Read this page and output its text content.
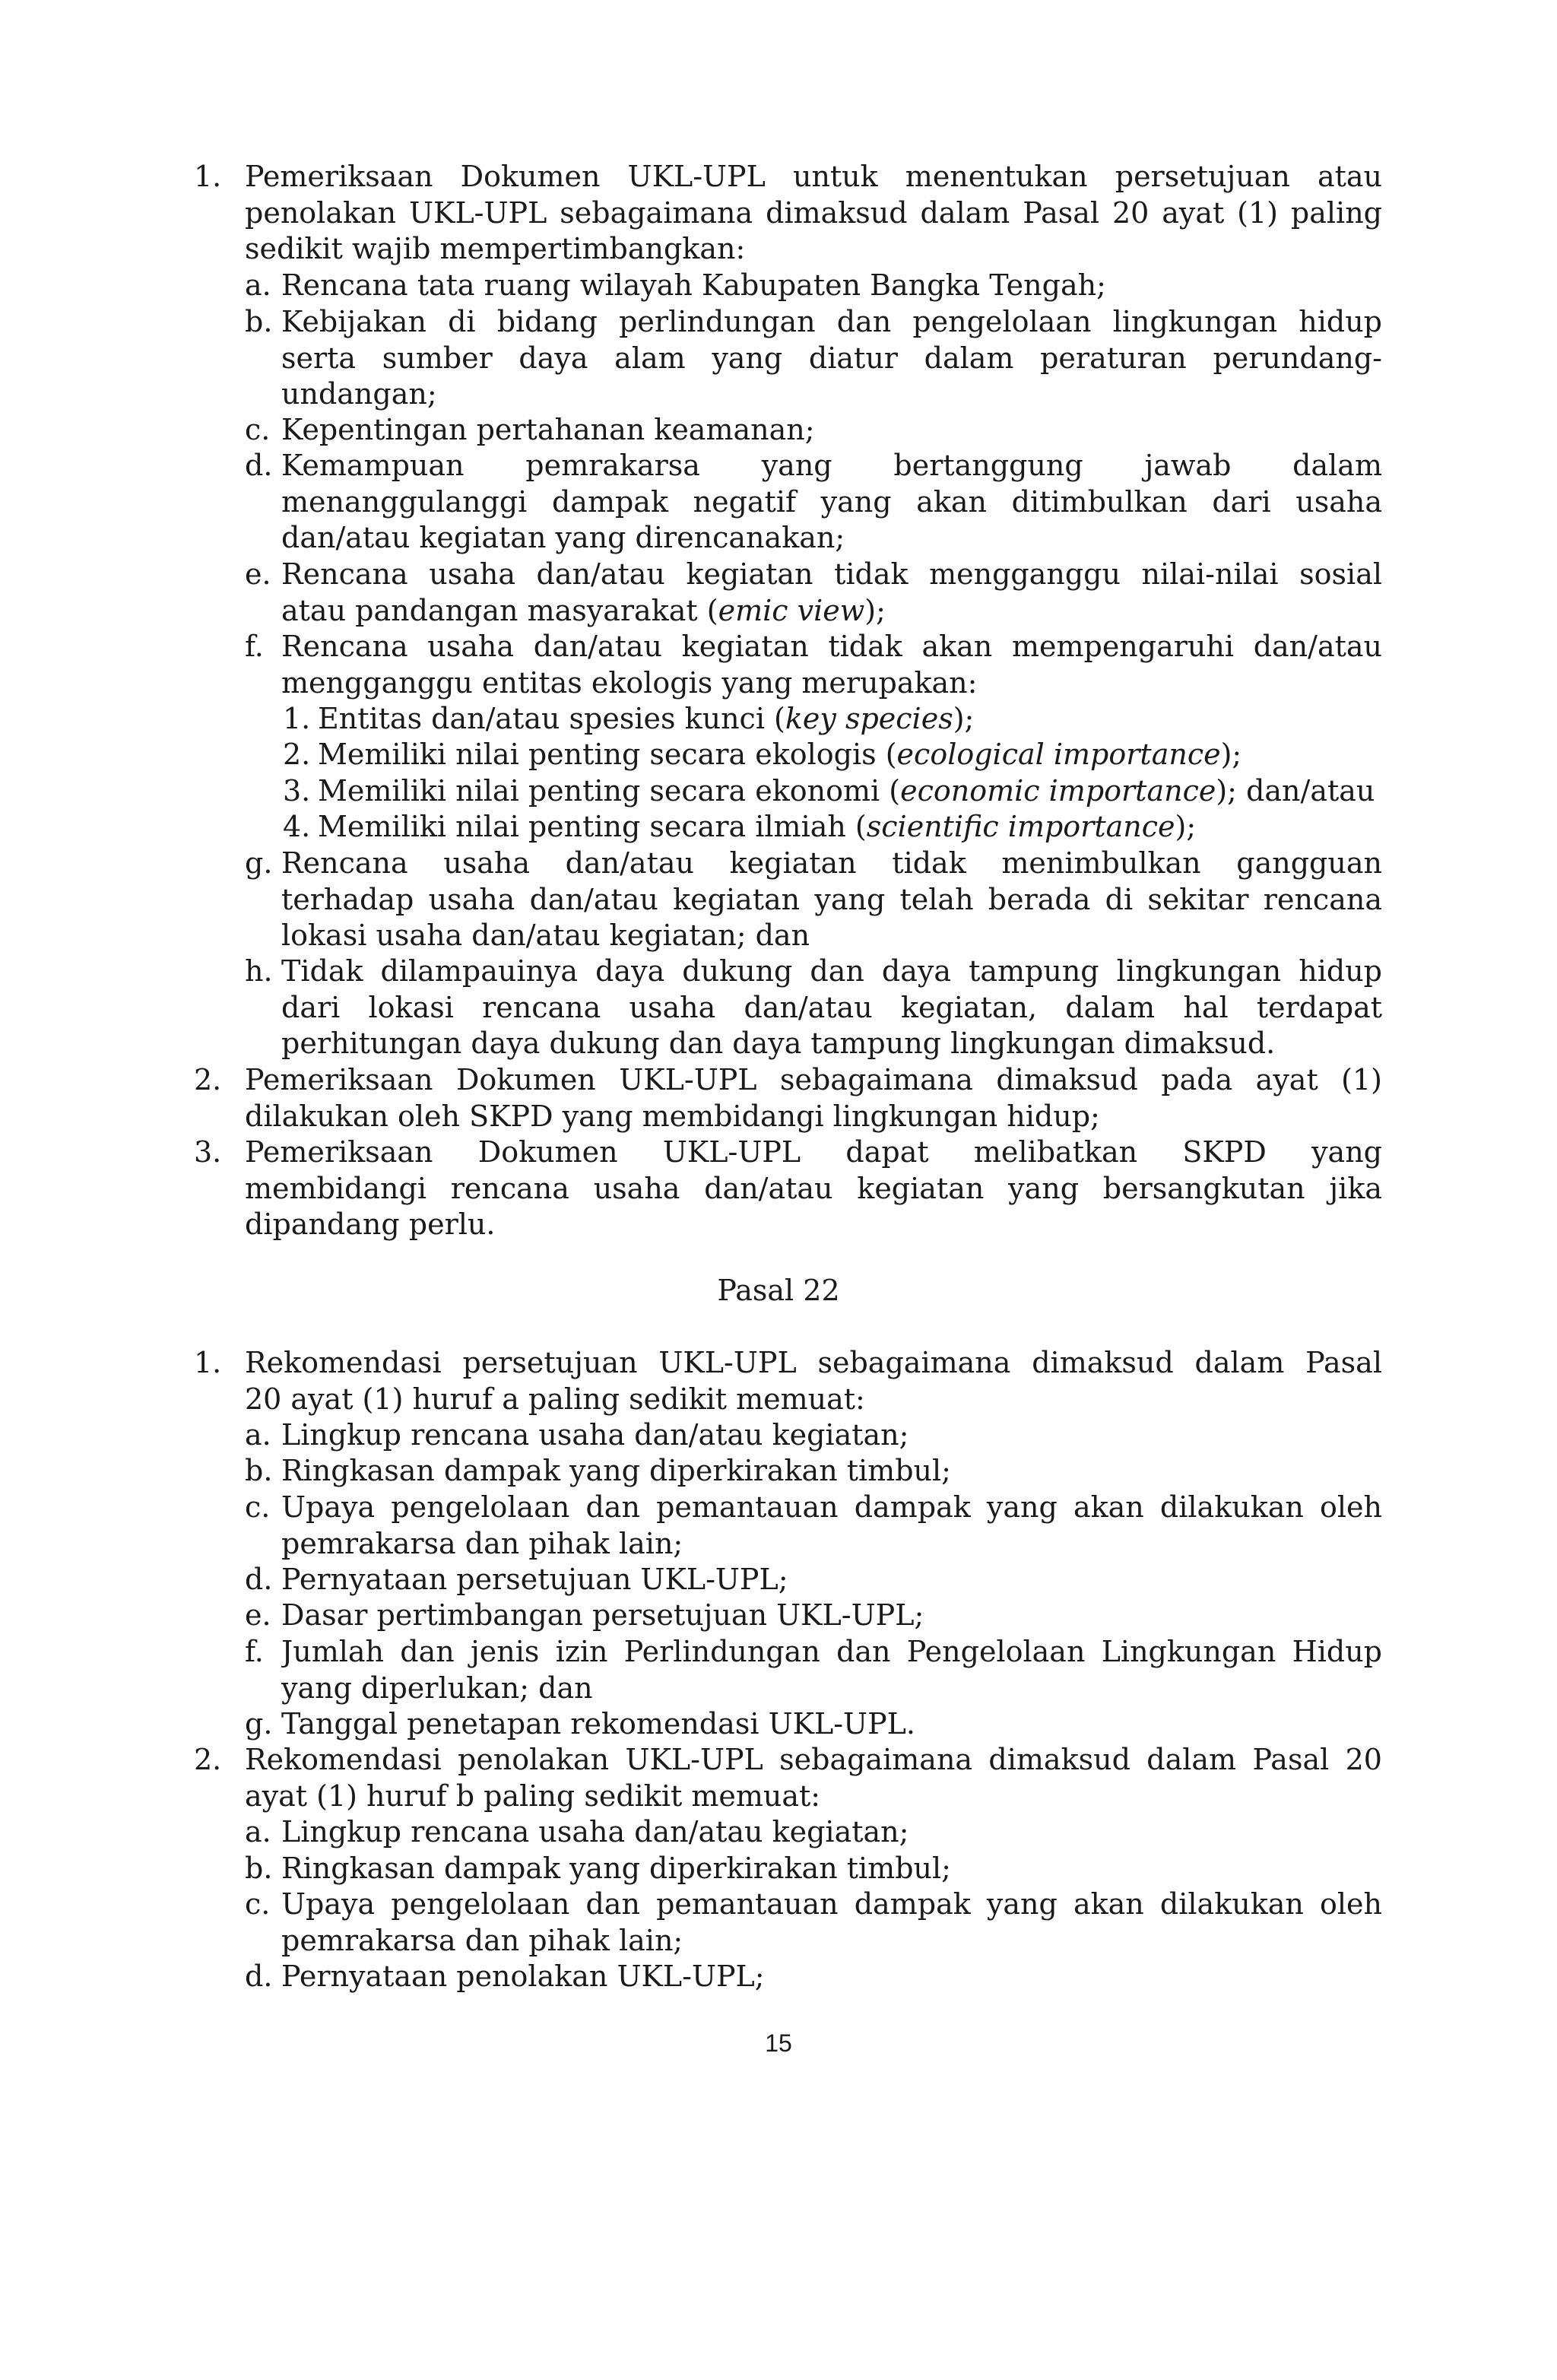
1. Pemeriksaan Dokumen UKL-UPL untuk menentukan persetujuan atau
penolakan UKL-UPL sebagaimana dimaksud dalam Pasal 20 ayat (1) paling
sedikit wajib mempertimbangkan:
a. Rencana tata ruang wilayah Kabupaten Bangka Tengah;
b. Kebijakan di bidang perlindungan dan pengelolaan lingkungan hidup
serta sumber daya alam yang diatur dalam peraturan perundang-
undangan;
c. Kepentingan pertahanan keamanan;
d. Kemampuan pemrakarsa yang bertanggung jawab dalam
menanggulanggi dampak negatif yang akan ditimbulkan dari usaha
dan/atau kegiatan yang direncanakan;
e. Rencana usaha dan/atau kegiatan tidak mengganggu nilai-nilai sosial
atau pandangan masyarakat (emic view);
f. Rencana usaha dan/atau kegiatan tidak akan mempengaruhi dan/atau
mengganggu entitas ekologis yang merupakan:
1. Entitas dan/atau spesies kunci (key species);
2. Memiliki nilai penting secara ekologis (ecological importance);
3. Memiliki nilai penting secara ekonomi (economic importance); dan/atau
4. Memiliki nilai penting secara ilmiah (scientific importance);
g. Rencana usaha dan/atau kegiatan tidak menimbulkan gangguan
terhadap usaha dan/atau kegiatan yang telah berada di sekitar rencana
lokasi usaha dan/atau kegiatan; dan
h. Tidak dilampauinya daya dukung dan daya tampung lingkungan hidup
dari lokasi rencana usaha dan/atau kegiatan, dalam hal terdapat
perhitungan daya dukung dan daya tampung lingkungan dimaksud.
2. Pemeriksaan Dokumen UKL-UPL sebagaimana dimaksud pada ayat (1)
dilakukan oleh SKPD yang membidangi lingkungan hidup;
3. Pemeriksaan Dokumen UKL-UPL dapat melibatkan SKPD yang
membidangi rencana usaha dan/atau kegiatan yang bersangkutan jika
dipandang perlu.
1. Rekomendasi persetujuan UKL-UPL sebagaimana dimaksud dalam Pasal
20 ayat (1) huruf a paling sedikit memuat:
a. Lingkup rencana usaha dan/atau kegiatan;
b. Ringkasan dampak yang diperkirakan timbul;
c. Upaya pengelolaan dan pemantauan dampak yang akan dilakukan oleh
pemrakarsa dan pihak lain;
d. Pernyataan persetujuan UKL-UPL;
e. Dasar pertimbangan persetujuan UKL-UPL;
f. Jumlah dan jenis izin Perlindungan dan Pengelolaan Lingkungan Hidup
yang diperlukan; dan
g. Tanggal penetapan rekomendasi UKL-UPL.
2. Rekomendasi penolakan UKL-UPL sebagaimana dimaksud dalam Pasal 20
ayat (1) huruf b paling sedikit memuat:
a. Lingkup rencana usaha dan/atau kegiatan;
b. Ringkasan dampak yang diperkirakan timbul;
c. Upaya pengelolaan dan pemantauan dampak yang akan dilakukan oleh
pemrakarsa dan pihak lain;
d. Pernyataan penolakan UKL-UPL;
Pasal 22
15
